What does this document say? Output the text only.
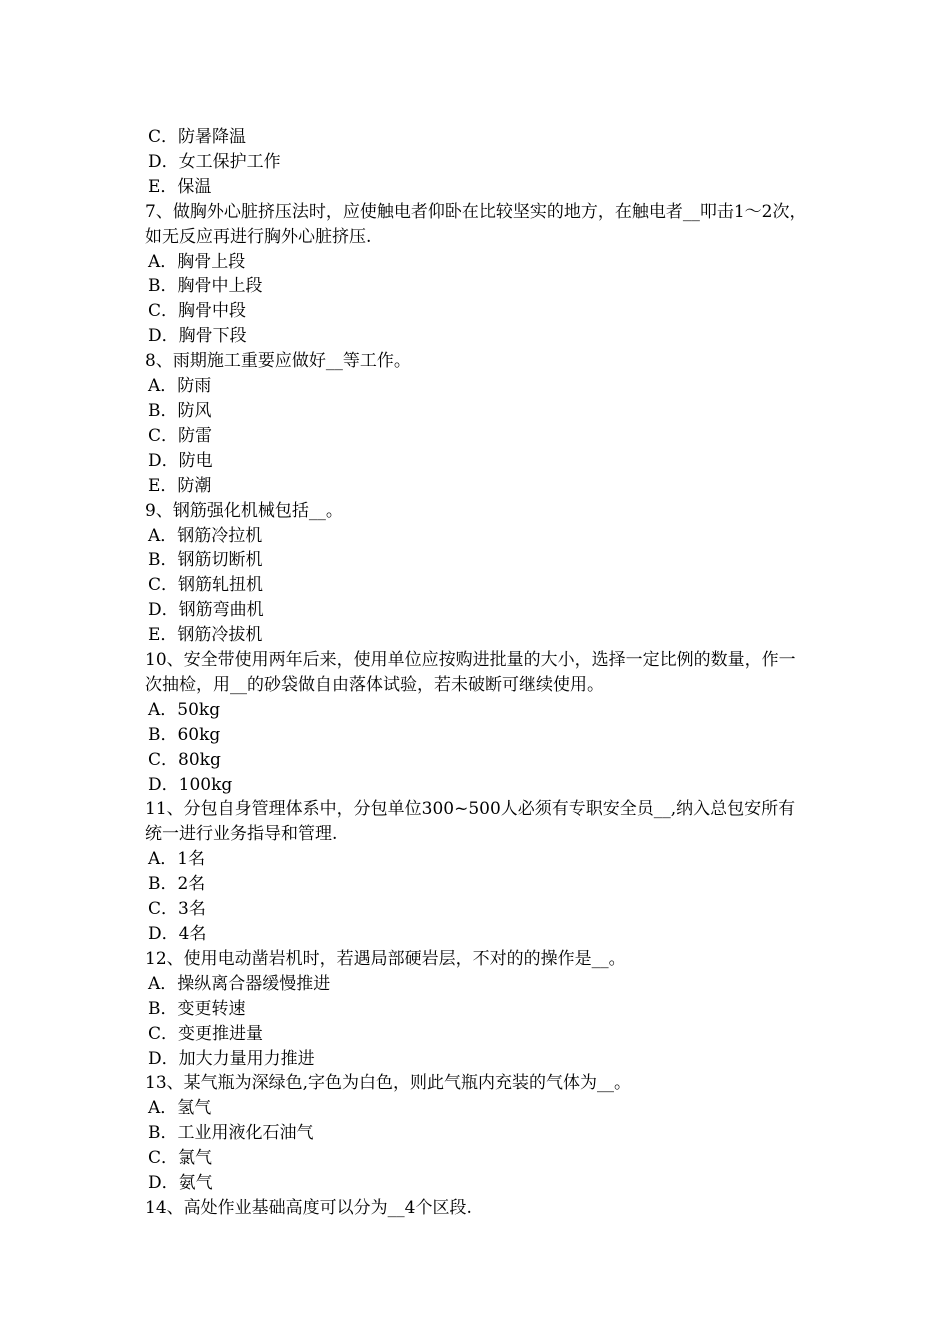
C．防暑降温

D．女工保护工作

E．保温

7、做胸外心脏挤压法时，应使触电者仰卧在比较坚实的地方，在触电者__叩击1～2次，如无反应再进行胸外心脏挤压.

A．胸骨上段

B．胸骨中上段

C．胸骨中段

D．胸骨下段

8、雨期施工重要应做好__等工作。

A．防雨

B．防风

C．防雷

D．防电

E．防潮

9、钢筋强化机械包括__。

A．钢筋冷拉机

B．钢筋切断机

C．钢筋轧扭机

D．钢筋弯曲机

E．钢筋冷拔机

10、安全带使用两年后来，使用单位应按购进批量的大小，选择一定比例的数量，作一次抽检，用__的砂袋做自由落体试验，若未破断可继续使用。

A．50kg

B．60kg

C．80kg

D．100kg

11、分包自身管理体系中，分包单位300~500人必须有专职安全员__,纳入总包安所有统一进行业务指导和管理.

A．1名

B．2名

C．3名

D．4名

12、使用电动凿岩机时，若遇局部硬岩层，不对的的操作是__。

A．操纵离合器缓慢推进

B．变更转速

C．变更推进量

D．加大力量用力推进

13、某气瓶为深绿色,字色为白色，则此气瓶内充装的气体为__。

A．氢气

B．工业用液化石油气

C．氯气

D．氨气

14、高处作业基础高度可以分为__4个区段.
